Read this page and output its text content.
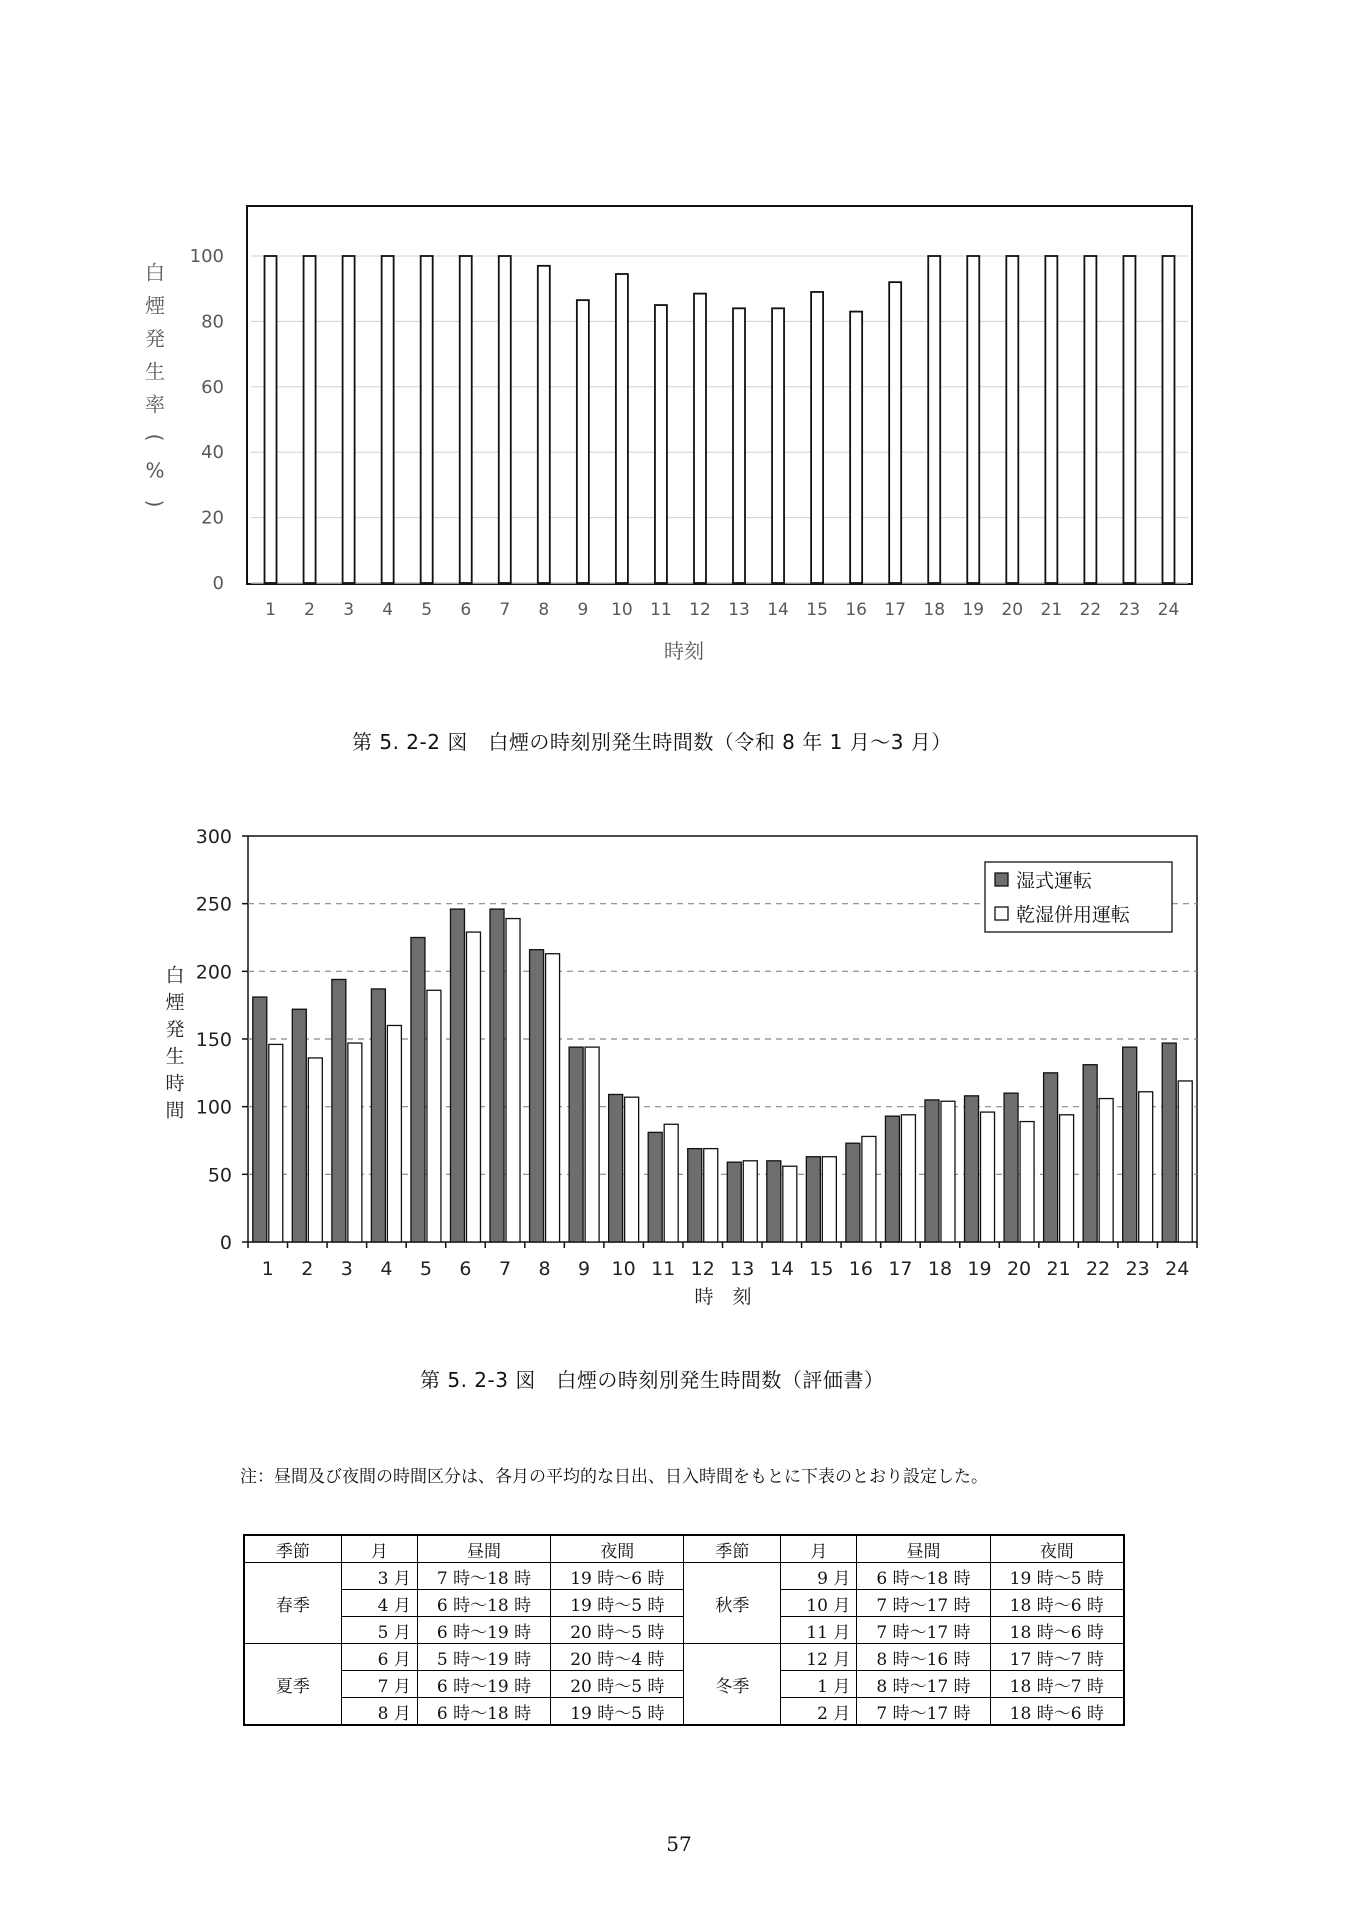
0
20
40
60
80
100
1 2 3 4 5 6 7 8 9 10 11 12 13 14 15 16 17 18 19 20 21 22 23 24
時刻
白
煙
発
生
率
(
%
)
第 5. 2-2 図　白煙の時刻別発生時間数（令和 8 年 1 月～3 月）
0
50
100
150
200
250
300
1 2 3 4 5 6 7 8 9 10 11 12 13 14 15 16 17 18 19 20 21 22 23 24
時　刻
白
煙
発
生
時
間
湿式運転
乾湿併用運転
第 5. 2-3 図　白煙の時刻別発生時間数（評価書）
注：昼間及び夜間の時間区分は、各月の平均的な日出、日入時間をもとに下表のとおり設定した。
季節	月	昼間	夜間	季節	月	昼間	夜間
春季	3 月	7 時～18 時	19 時～6 時	秋季	9 月	6 時～18 時	19 時～5 時
	4 月	6 時～18 時	19 時～5 時		10 月	7 時～17 時	18 時～6 時
	5 月	6 時～19 時	20 時～5 時		11 月	7 時～17 時	18 時～6 時
夏季	6 月	5 時～19 時	20 時～4 時	冬季	12 月	8 時～16 時	17 時～7 時
	7 月	6 時～19 時	20 時～5 時		1 月	8 時～17 時	18 時～7 時
	8 月	6 時～18 時	19 時～5 時		2 月	7 時～17 時	18 時～6 時
57
